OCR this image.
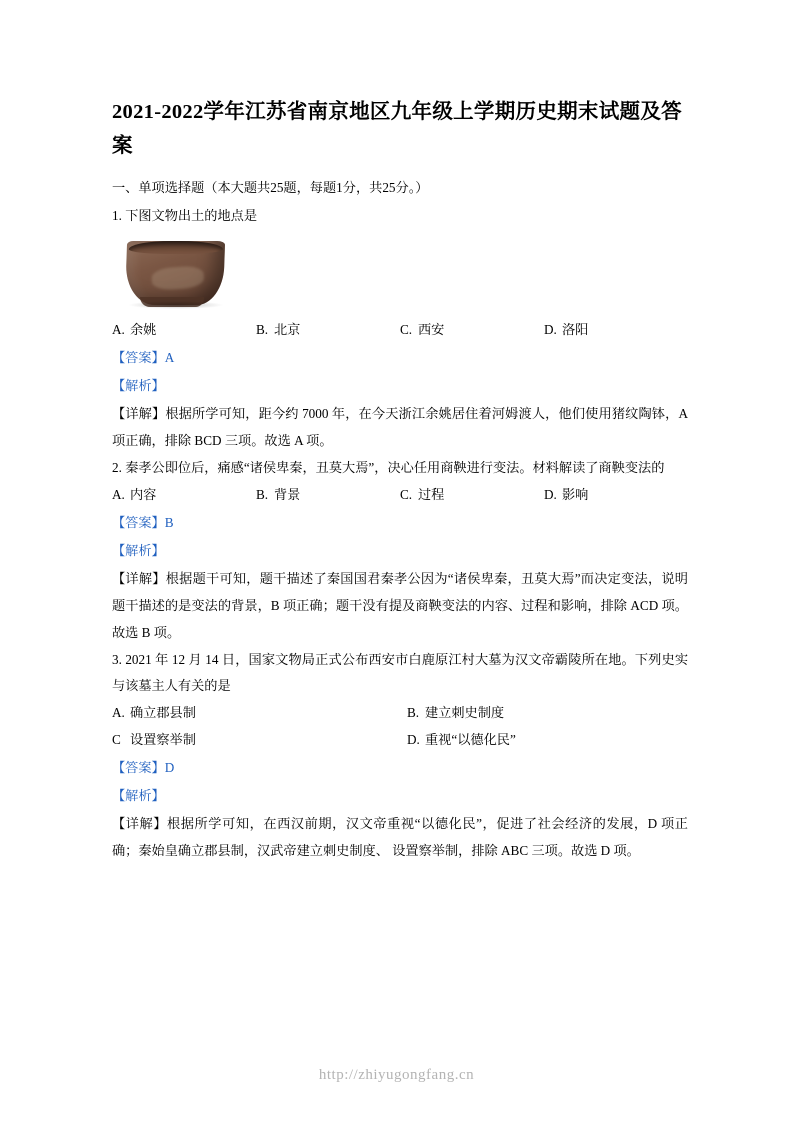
2021-2022学年江苏省南京地区九年级上学期历史期末试题及答案
一、单项选择题（本大题共25题，每题1分，共25分。）

1. 下图文物出土的地点是

A. 余姚	B. 北京	C. 西安	D. 洛阳

【答案】A

【解析】

【详解】根据所学可知，距今约 7000 年，在今天浙江余姚居住着河姆渡人，他们使用猪纹陶钵，A 项正确，排除 BCD 三项。故选 A 项。

2. 秦孝公即位后，痛感“诸侯卑秦，丑莫大焉”，决心任用商鞅进行变法。材料解读了商鞅变法的

A. 内容	B. 背景	C. 过程	D. 影响

【答案】B

【解析】

【详解】根据题干可知，题干描述了秦国国君秦孝公因为“诸侯卑秦，丑莫大焉”而决定变法，说明题干描述的是变法的背景，B 项正确；题干没有提及商鞅变法的内容、过程和影响，排除 ACD 项。故选 B 项。

3. 2021 年 12 月 14 日，国家文物局正式公布西安市白鹿原江村大墓为汉文帝霸陵所在地。下列史实与该墓主人有关的是

A. 确立郡县制	B. 建立刺史制度
C 设置察举制	D. 重视“以德化民”

【答案】D

【解析】

【详解】根据所学可知，在西汉前期，汉文帝重视“以德化民”，促进了社会经济的发展，D 项正确；秦始皇确立郡县制，汉武帝建立刺史制度、 设置察举制，排除 ABC 三项。故选 D 项。

http://zhiyugongfang.cn
